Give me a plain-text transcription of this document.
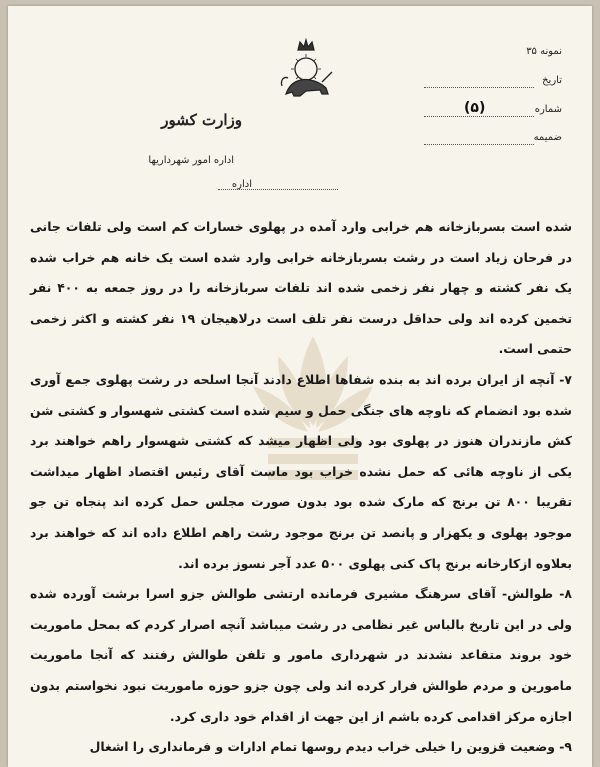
وزارت کشور
اداره امور شهرداریها
اداره
نمونه ۳۵
تاریخ
شماره
(۵)
ضمیمه

شده است بسربازخانه هم خرابی وارد آمده در پهلوی خسارات کم است ولی تلفات جانی در فرحان زیاد است در رشت بسربازخانه خرابی وارد شده است یک خانه هم خراب شده یک نفر کشته و چهار نفر زخمی شده اند تلفات سربازخانه را در روز جمعه به ۴۰۰ نفر تخمین کرده اند ولی حداقل درست نفر تلف است درلاهیجان ۱۹ نفر کشته و اکثر زخمی حتمی است.

۷- آنچه از ایران برده اند به بنده شفاها اطلاع دادند آنجا اسلحه در رشت پهلوی جمع آوری شده بود انضمام که ناوچه های جنگی حمل و سیم شده است کشتی شهسوار و کشتی شن کش مازندران هنوز در پهلوی بود ولی اظهار میشد که کشتی شهسوار راهم خواهند برد یکی از ناوچه هائی که حمل نشده خراب بود ماست آقای رئیس اقتصاد اظهار میداشت تقریبا ۸۰۰ تن برنج که مارک شده بود بدون صورت مجلس حمل کرده اند پنجاه تن جو موجود پهلوی و یکهزار و پانصد تن برنج موجود رشت راهم اطلاع داده اند که خواهند برد بعلاوه ازکارخانه برنج پاک کنی پهلوی ۵۰۰ عدد آجر نسوز برده اند.

۸- طوالش- آقای سرهنگ مشیری فرمانده ارتشی طوالش جزو اسرا برشت آورده شده ولی در این تاریخ بالباس غیر نظامی در رشت میباشد آنچه اصرار کردم که بمحل ماموریت خود بروند متقاعد نشدند در شهرداری مامور و تلفن طوالش رفتند که آنجا ماموریت مامورین و مردم طوالش فرار کرده اند ولی چون جزو حوزه ماموریت نبود نخواستم بدون اجازه مرکز اقدامی کرده باشم از این جهت از اقدام خود داری کرد.

۹- وضعیت قزوین را خیلی خراب دیدم روسها تمام ادارات و فرمانداری را اشغال
